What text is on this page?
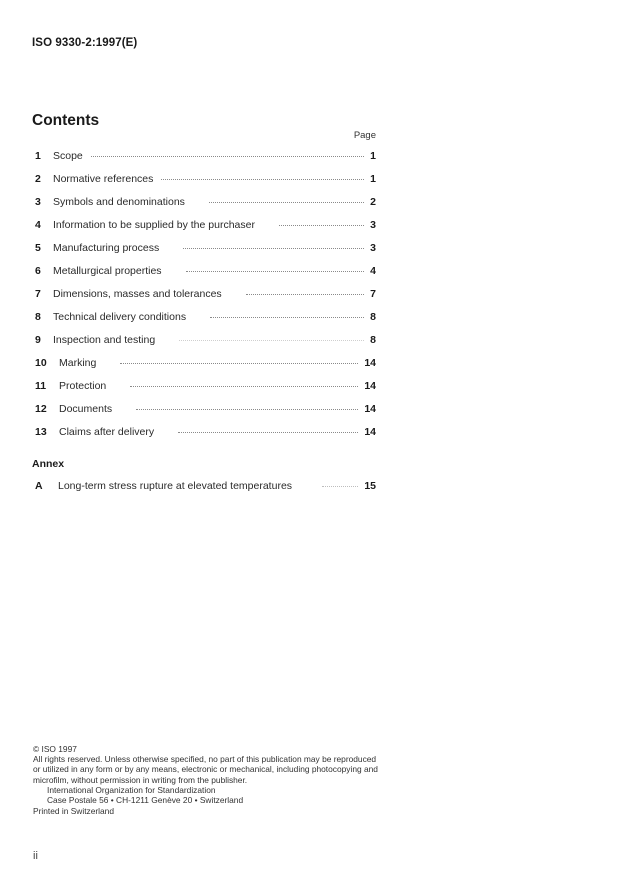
ISO 9330-2:1997(E)
Contents
Page
1	Scope	1
2	Normative references	1
3	Symbols and denominations	2
4	Information to be supplied by the purchaser	3
5	Manufacturing process	3
6	Metallurgical properties	4
7	Dimensions, masses and tolerances	7
8	Technical delivery conditions	8
9	Inspection and testing	8
10	Marking	14
11	Protection	14
12	Documents	14
13	Claims after delivery	14
Annex
A	Long-term stress rupture at elevated temperatures	15

© ISO 1997

All rights reserved. Unless otherwise specified, no part of this publication may be reproduced

or utilized in any form or by any means, electronic or mechanical, including photocopying and

microfilm, without permission in writing from the publisher.

International Organization for Standardization

Case Postale 56 • CH-1211 Genève 20 • Switzerland

Printed in Switzerland

ii
